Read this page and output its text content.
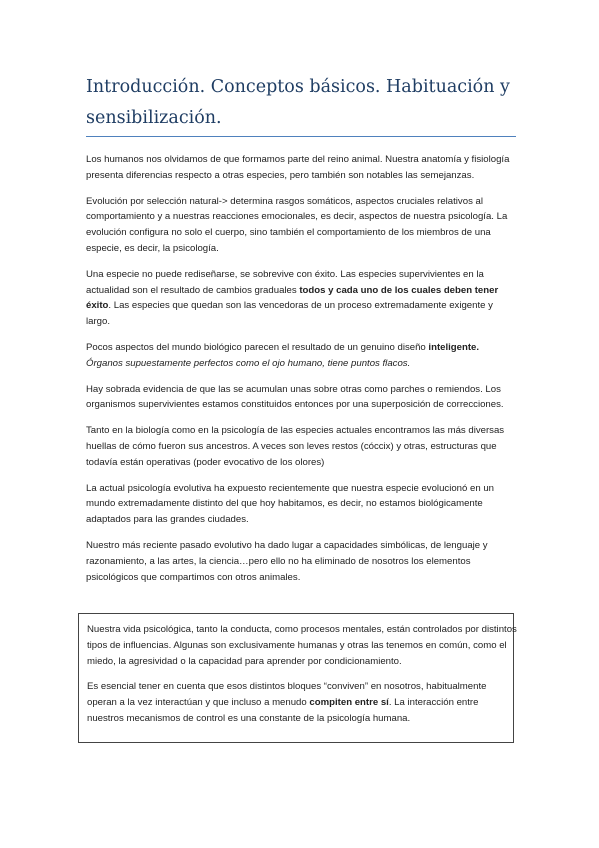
Introducción. Conceptos básicos. Habituación y sensibilización.

Los humanos nos olvidamos de que formamos parte del reino animal. Nuestra anatomía y fisiología presenta diferencias respecto a otras especies, pero también son notables las semejanzas.

Evolución por selección natural-> determina rasgos somáticos, aspectos cruciales relativos al comportamiento y a nuestras reacciones emocionales, es decir, aspectos de nuestra psicología. La evolución configura no solo el cuerpo, sino también el comportamiento de los miembros de una especie, es decir, la psicología.

Una especie no puede rediseñarse, se sobrevive con éxito. Las especies supervivientes en la actualidad son el resultado de cambios graduales todos y cada uno de los cuales deben tener éxito. Las especies que quedan son las vencedoras de un proceso extremadamente exigente y largo.

Pocos aspectos del mundo biológico parecen el resultado de un genuino diseño inteligente.
Órganos supuestamente perfectos como el ojo humano, tiene puntos flacos.

Hay sobrada evidencia de que las se acumulan unas sobre otras como parches o remiendos. Los organismos supervivientes estamos constituidos entonces por una superposición de correcciones.

Tanto en la biología como en la psicología de las especies actuales encontramos las más diversas huellas de cómo fueron sus ancestros. A veces son leves restos (cóccix) y otras, estructuras que todavía están operativas (poder evocativo de los olores)

La actual psicología evolutiva ha expuesto recientemente que nuestra especie evolucionó en un mundo extremadamente distinto del que hoy habitamos, es decir, no estamos biológicamente adaptados para las grandes ciudades.

Nuestro más reciente pasado evolutivo ha dado lugar a capacidades simbólicas, de lenguaje y razonamiento, a las artes, la ciencia…pero ello no ha eliminado de nosotros los elementos psicológicos que compartimos con otros animales.

Nuestra vida psicológica, tanto la conducta, como procesos mentales, están controlados por distintos tipos de influencias. Algunas son exclusivamente humanas y otras las tenemos en común, como el miedo, la agresividad o la capacidad para aprender por condicionamiento.

Es esencial tener en cuenta que esos distintos bloques “conviven” en nosotros, habitualmente operan a la vez interactúan y que incluso a menudo compiten entre sí. La interacción entre nuestros mecanismos de control es una constante de la psicología humana.
